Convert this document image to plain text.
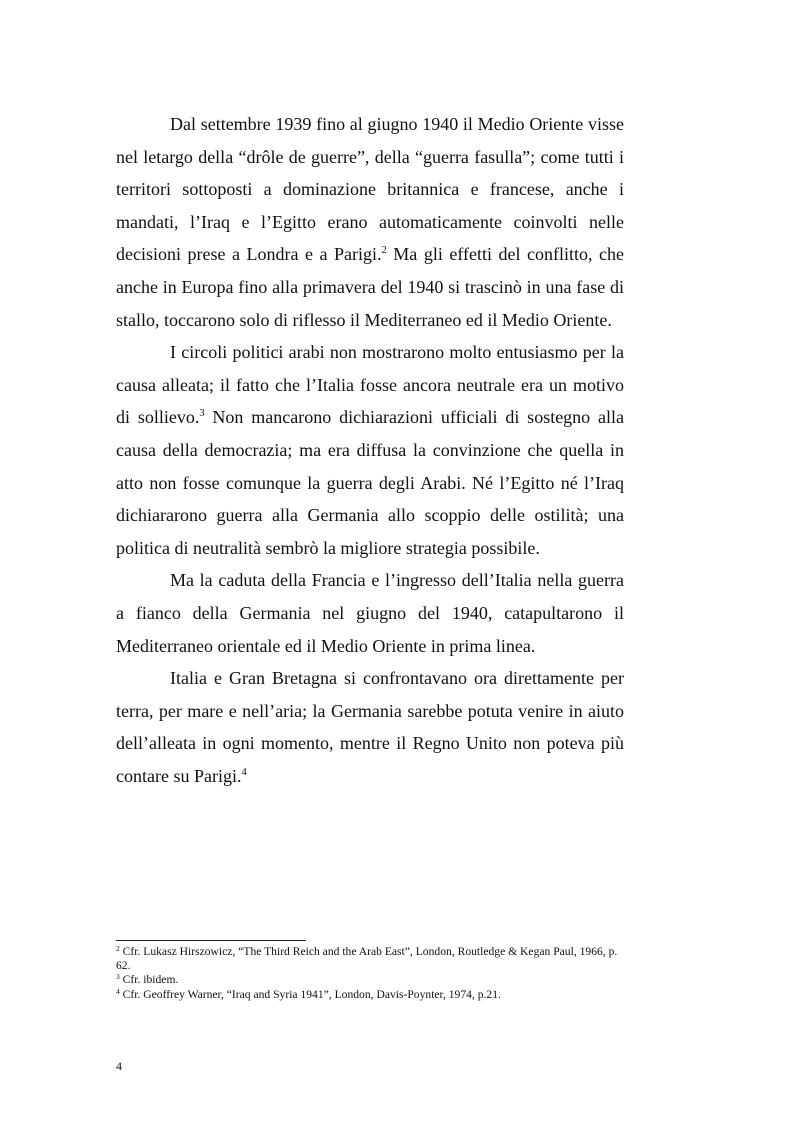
Dal settembre 1939 fino al giugno 1940 il Medio Oriente visse nel letargo della “drôle de guerre”, della “guerra fasulla”; come tutti i territori sottoposti a dominazione britannica e francese, anche i mandati, l’Iraq e l’Egitto erano automaticamente coinvolti nelle decisioni prese a Londra e a Parigi.$^2$ Ma gli effetti del conflitto, che anche in Europa fino alla primavera del 1940 si trascinò in una fase di stallo, toccarono solo di riflesso il Mediterraneo ed il Medio Oriente.

I circoli politici arabi non mostrarono molto entusiasmo per la causa alleata; il fatto che l’Italia fosse ancora neutrale era un motivo di sollievo.$^3$ Non mancarono dichiarazioni ufficiali di sostegno alla causa della democrazia; ma era diffusa la convinzione che quella in atto non fosse comunque la guerra degli Arabi. Né l’Egitto né l’Iraq dichiararono guerra alla Germania allo scoppio delle ostilità; una politica di neutralità sembrò la migliore strategia possibile.

Ma la caduta della Francia e l’ingresso dell’Italia nella guerra a fianco della Germania nel giugno del 1940, catapultarono il Mediterraneo orientale ed il Medio Oriente in prima linea.

Italia e Gran Bretagna si confrontavano ora direttamente per terra, per mare e nell’aria; la Germania sarebbe potuta venire in aiuto dell’alleata in ogni momento, mentre il Regno Unito non poteva più contare su Parigi.$^4$

$^2$ Cfr. Lukasz Hirszowicz, “The Third Reich and the Arab East”, London, Routledge & Kegan Paul, 1966, p. 62.

$^3$ Cfr. ibidem.

$^4$ Cfr. Geoffrey Warner, “Iraq and Syria 1941”, London, Davis-Poynter, 1974, p.21.

4
